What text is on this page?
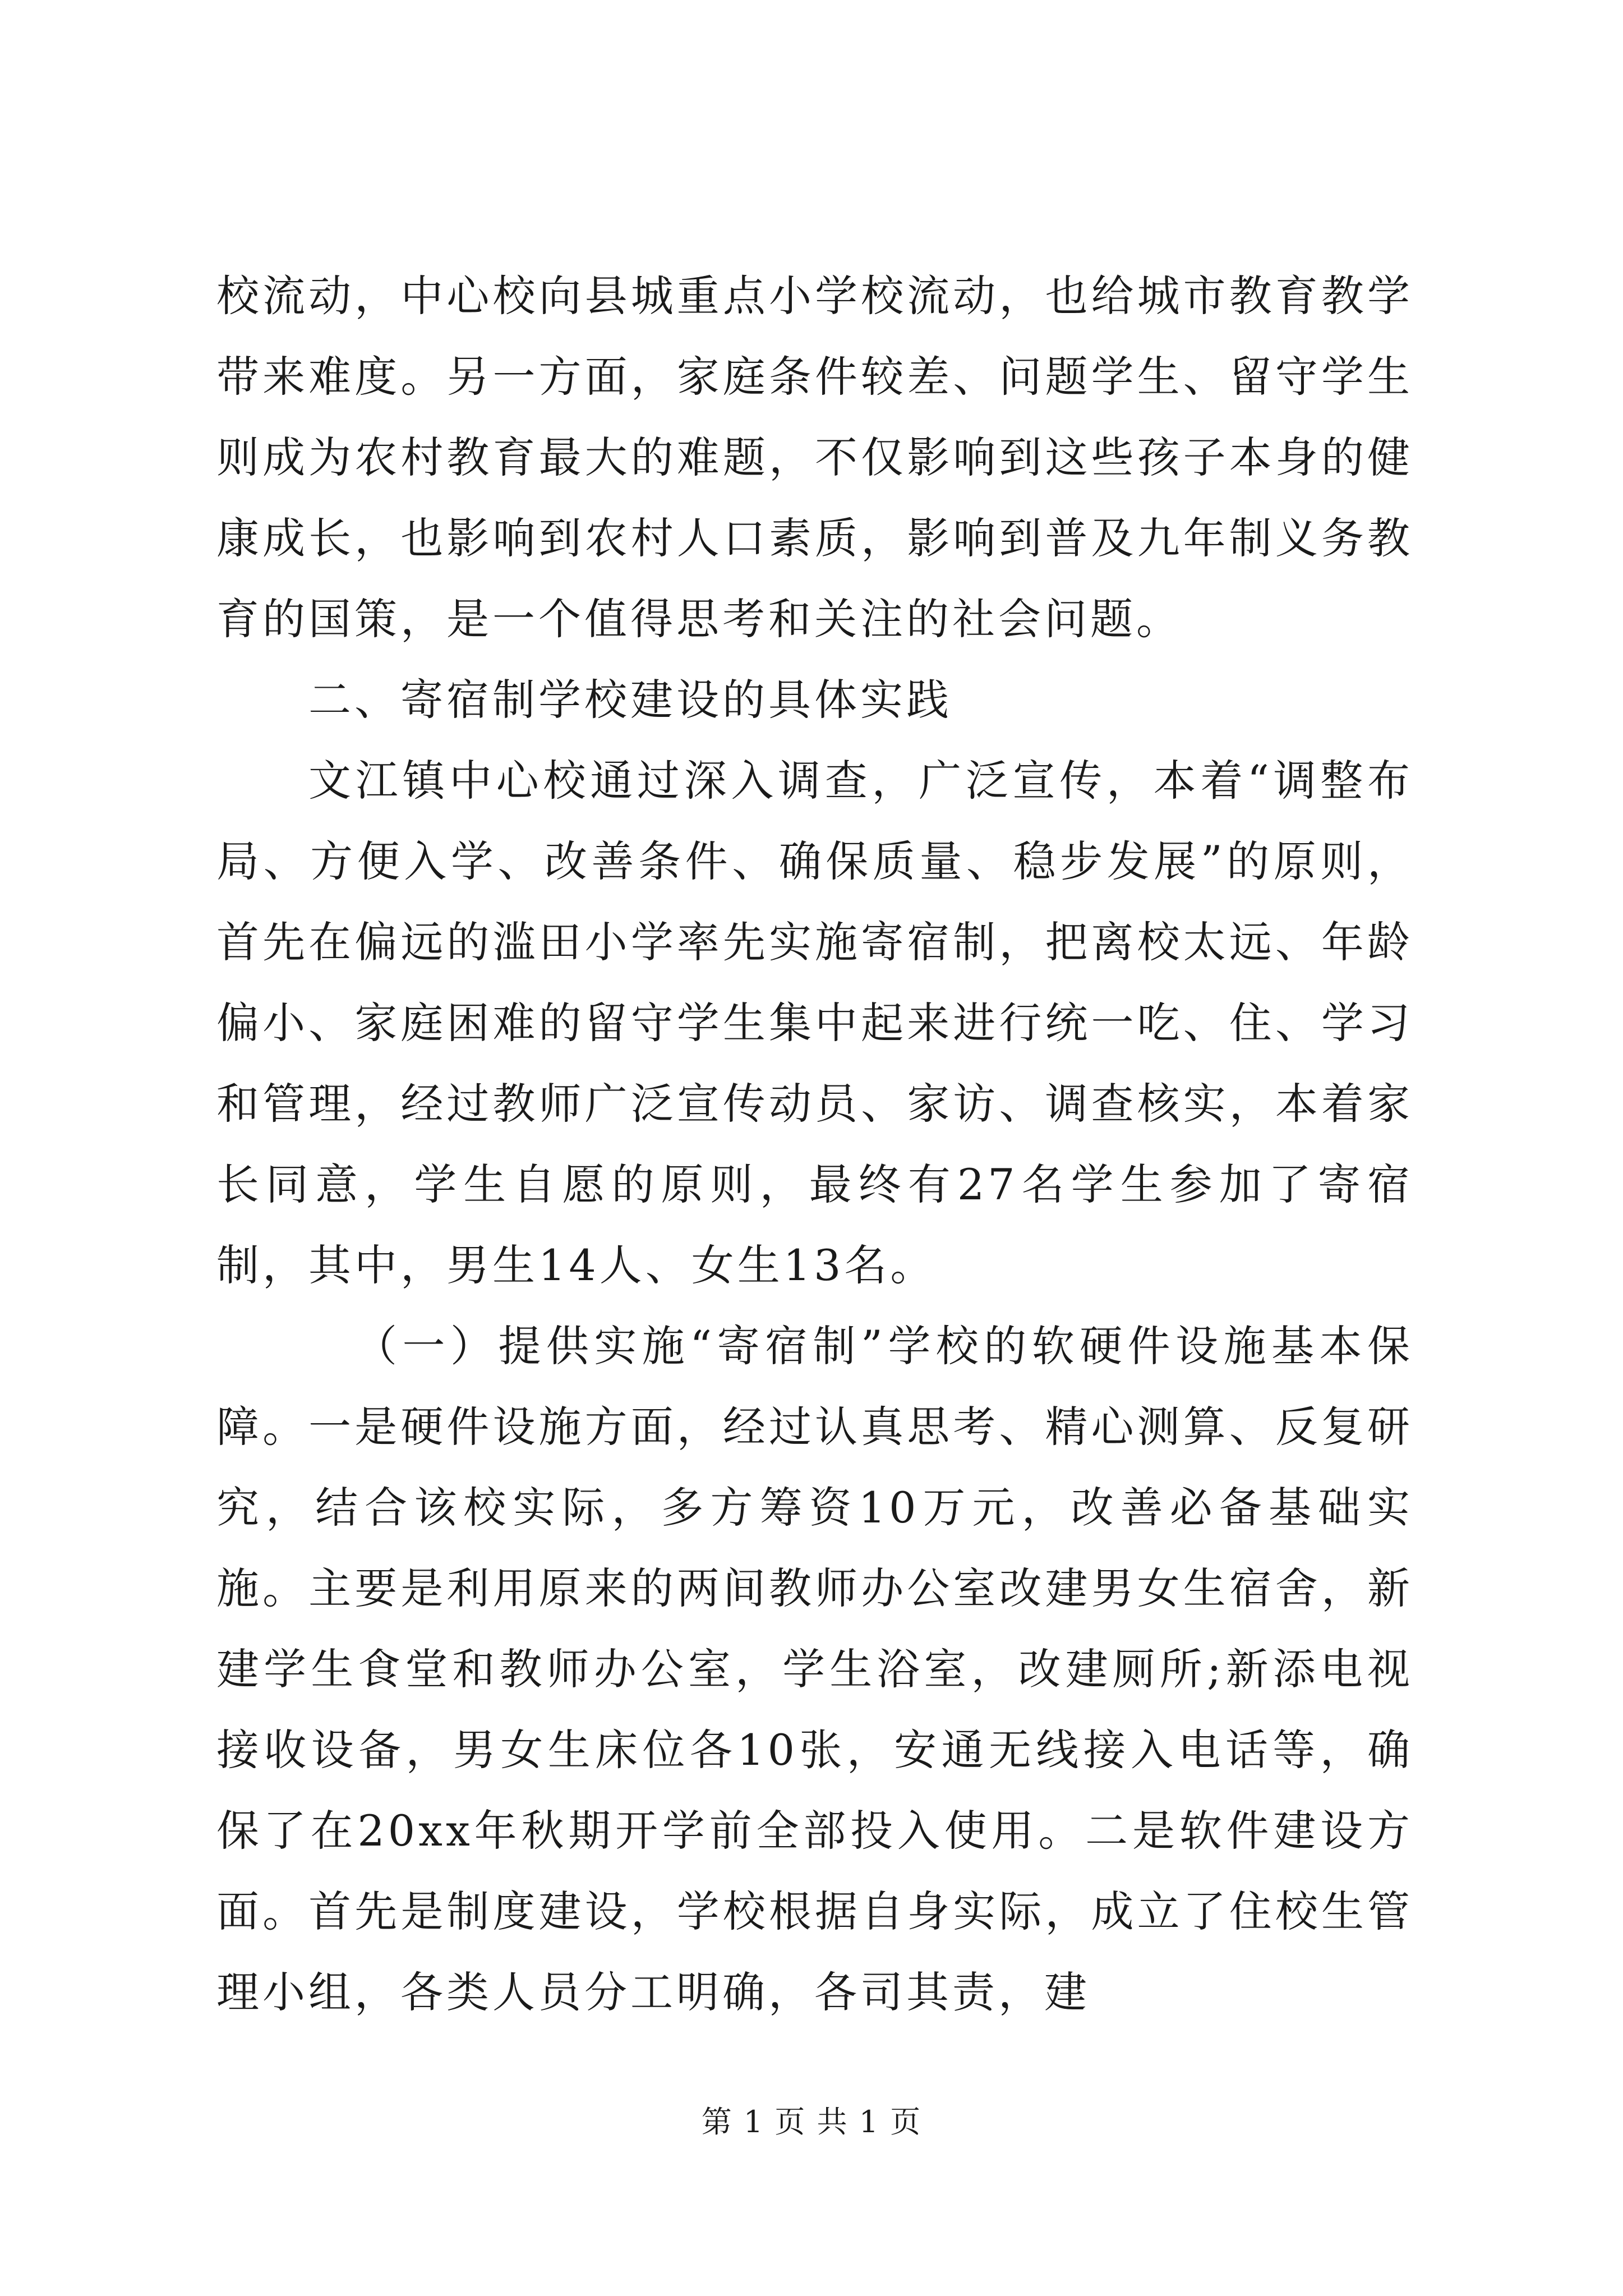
校流动，中心校向县城重点小学校流动，也给城市教育教学带来难度。另一方面，家庭条件较差、问题学生、留守学生则成为农村教育最大的难题，不仅影响到这些孩子本身的健康成长，也影响到农村人口素质，影响到普及九年制义务教育的国策，是一个值得思考和关注的社会问题。

二、寄宿制学校建设的具体实践

文江镇中心校通过深入调查，广泛宣传，本着“调整布局、方便入学、改善条件、确保质量、稳步发展”的原则，首先在偏远的滥田小学率先实施寄宿制，把离校太远、年龄偏小、家庭困难的留守学生集中起来进行统一吃、住、学习和管理，经过教师广泛宣传动员、家访、调查核实，本着家长同意，学生自愿的原则，最终有27名学生参加了寄宿制，其中，男生14人、女生13名。

（一）提供实施“寄宿制”学校的软硬件设施基本保障。一是硬件设施方面，经过认真思考、精心测算、反复研究，结合该校实际，多方筹资10万元，改善必备基础实施。主要是利用原来的两间教师办公室改建男女生宿舍，新建学生食堂和教师办公室，学生浴室，改建厕所;新添电视接收设备，男女生床位各10张，安通无线接入电话等，确保了在20xx年秋期开学前全部投入使用。二是软件建设方面。首先是制度建设，学校根据自身实际，成立了住校生管理小组，各类人员分工明确，各司其责，建

第 1 页 共 1 页
